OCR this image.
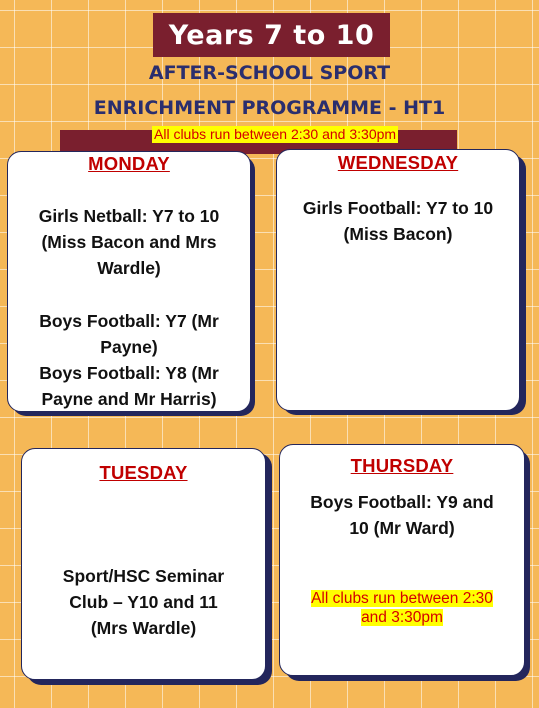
Years 7 to 10
AFTER-SCHOOL SPORT
ENRICHMENT PROGRAMME - HT1
All clubs run between 2:30 and 3:30pm
MONDAY
Girls Netball: Y7 to 10
(Miss Bacon and Mrs
Wardle)
Boys Football: Y7 (Mr
Payne)
Boys Football: Y8 (Mr
Payne and Mr Harris)
WEDNESDAY
Girls Football: Y7 to 10
(Miss Bacon)
TUESDAY
Sport/HSC Seminar
Club – Y10 and 11
(Mrs Wardle)
THURSDAY
Boys Football: Y9 and
10 (Mr Ward)
All clubs run between 2:30
and 3:30pm
